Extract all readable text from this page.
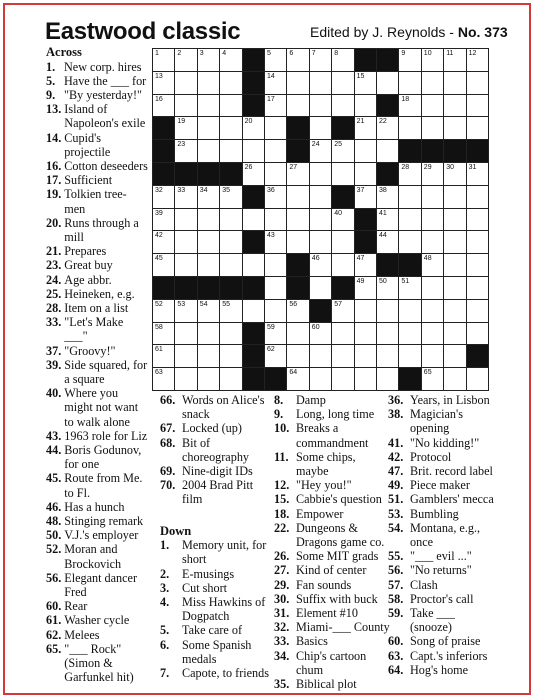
Eastwood classic	Edited by J. Reynolds - No. 373
Across
1. New corp. hires
5. Have the ___ for
9. "By yesterday!"
13. Island of
Napoleon's exile
14. Cupid's
projectile
16. Cotton deseeders
17. Sufficient
19. Tolkien tree-
men
20. Runs through a
mill
21. Prepares
23. Great buy
24. Age abbr.
25. Heineken, e.g.
28. Item on a list
33. "Let's Make
___"
37. "Groovy!"
39. Side squared, for
a square
40. Where you
might not want
to walk alone
43. 1963 role for Liz
44. Boris Godunov,
for one
45. Route from Me.
to Fl.
46. Has a hunch
48. Stinging remark
50. V.J.'s employer
52. Moran and
Brockovich
56. Elegant dancer
Fred
60. Rear
61. Washer cycle
62. Melees
65. "___ Rock"
(Simon &
Garfunkel hit)
1	2	3	4	5	6	7	8	9	10 11 12
13	14	15
16	17	18
19	20	21 22
23	24 25
26	27	28 29 30 31
32 33 34 35	36	37 38
39	40	41
42	43	44
45	46	47	48
49 50 51
52 53 54 55	56	57
58	59	60
61	62
63	64	65
66. Words on Alice's
snack
67. Locked (up)
68. Bit of
choreography
69. Nine-digit IDs
70. 2004 Brad Pitt
film
Down
1. Memory unit, for
short
2. E-musings
3. Cut short
4. Miss Hawkins of
Dogpatch
5. Take care of
6. Some Spanish
medals
7. Capote, to friends
8. Damp
9. Long, long time
10. Breaks a
commandment
11. Some chips, maybe
12. "Hey you!"
15. Cabbie's question
18. Empower
22. Dungeons &
Dragons game co.
26. Some MIT grads
27. Kind of center
29. Fan sounds
30. Suffix with buck
31. Element #10
32. Miami-___ County
33. Basics
34. Chip's cartoon
chum
35. Biblical plot
36. Years, in Lisbon
38. Magician's
opening
41. "No kidding!"
42. Protocol
47. Brit. record label
49. Piece maker
51. Gamblers' mecca
53. Bumbling
54. Montana, e.g.,
once
55. "___ evil ..."
56. "No returns"
57. Clash
58. Proctor's call
59. Take ___
(snooze)
60. Song of praise
63. Capt.'s inferiors
64. Hog's home
